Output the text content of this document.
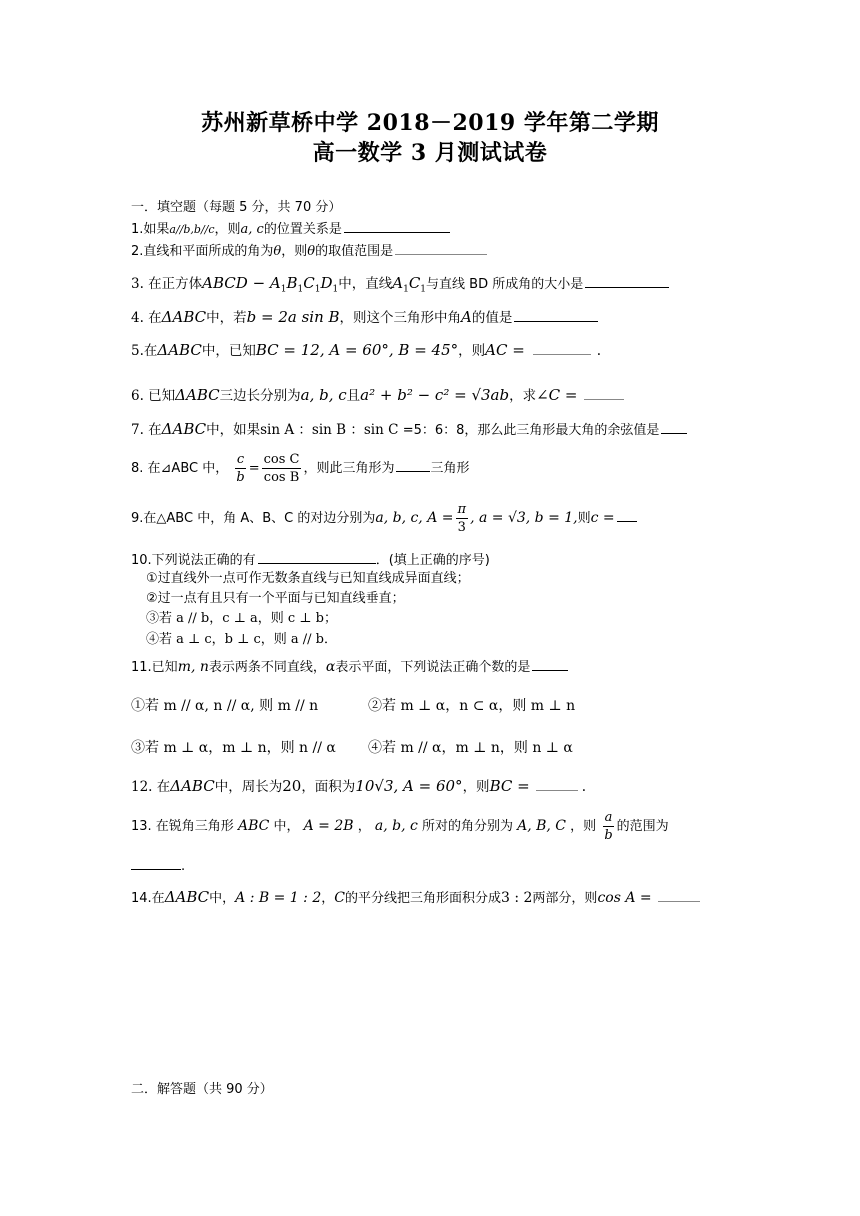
苏州新草桥中学 2018－2019 学年第二学期
高一数学 3 月测试试卷
一．填空题（每题 5 分，共 70 分）
1.如果a//b,b//c，则a, c的位置关系是
2.直线和平面所成的角为θ，则θ的取值范围是
3. 在正方体ABCD − $A_1B_1C_1D_1$中，直线$A_1C_1$与直线 BD 所成角的大小是
4. 在ΔABC中，若b = 2a sin B，则这个三角形中角A的值是
5.在ΔABC中，已知BC = 12, A = 60°, B = 45°，则AC =	.
6. 已知ΔABC三边长分别为a, b, c且a² + b² − c² = √3ab，求∠C =
7. 在ΔABC中，如果sin A ：sin B ：sin C =5：6：8，那么此三角形最大角的余弦值是
8. 在⊿ABC 中， $\frac{c}{b} = \frac{\text{cos C}}{\text{cos B}}$ ，则此三角形为	三角形
9.在△ABC 中，角 A、B、C 的对边分别为a, b, c, $A = \frac{\pi}{3}$ , a = √3, b = 1,则c =
10.下列说法正确的有	．(填上正确的序号)
①过直线外一点可作无数条直线与已知直线成异面直线；
②过一点有且只有一个平面与已知直线垂直；
③若 a // b，c ⊥ a，则 c ⊥ b；
④若 a ⊥ c，b ⊥ c，则 a // b．
11.已知m, n表示两条不同直线，α表示平面，下列说法正确个数的是
①若 m // α, n // α, 则 m // n	②若 m ⊥ α，n ⊂ α，则 m ⊥ n
③若 m ⊥ α，m ⊥ n，则 n // α ④若 m // α，m ⊥ n，则 n ⊥ α
12. 在ΔABC中，周长为20，面积为10√3, A = 60°，则BC =	.
13. 在锐角三角形 ABC 中， A = 2B ， a, b, c 所对的角分别为 A, B, C ，则 $\frac{a}{b}$ 的范围为
.
14.在ΔABC中，A : B = 1 : 2，C的平分线把三角形面积分成3 : 2两部分，则cos A =
二．解答题（共 90 分）
